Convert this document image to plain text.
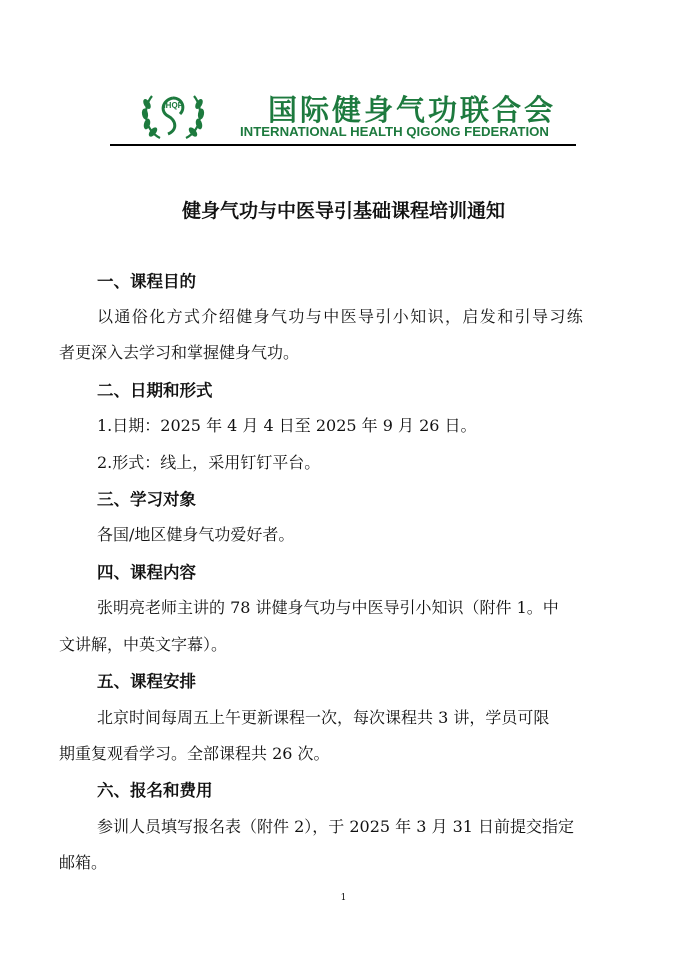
IHQF	国际健身气功联合会
INTERNATIONAL HEALTH QIGONG FEDERATION
健身气功与中医导引基础课程培训通知
一、课程目的
以通俗化方式介绍健身气功与中医导引小知识，启发和引导习练
者更深入去学习和掌握健身气功。
二、日期和形式
1.日期：2025 年 4 月 4 日至 2025 年 9 月 26 日。
2.形式：线上，采用钉钉平台。
三、学习对象
各国/地区健身气功爱好者。
四、课程内容
张明亮老师主讲的 78 讲健身气功与中医导引小知识（附件 1。中
文讲解，中英文字幕）。
五、课程安排
北京时间每周五上午更新课程一次，每次课程共 3 讲，学员可限
期重复观看学习。全部课程共 26 次。
六、报名和费用
参训人员填写报名表（附件 2），于 2025 年 3 月 31 日前提交指定
邮箱。
1
